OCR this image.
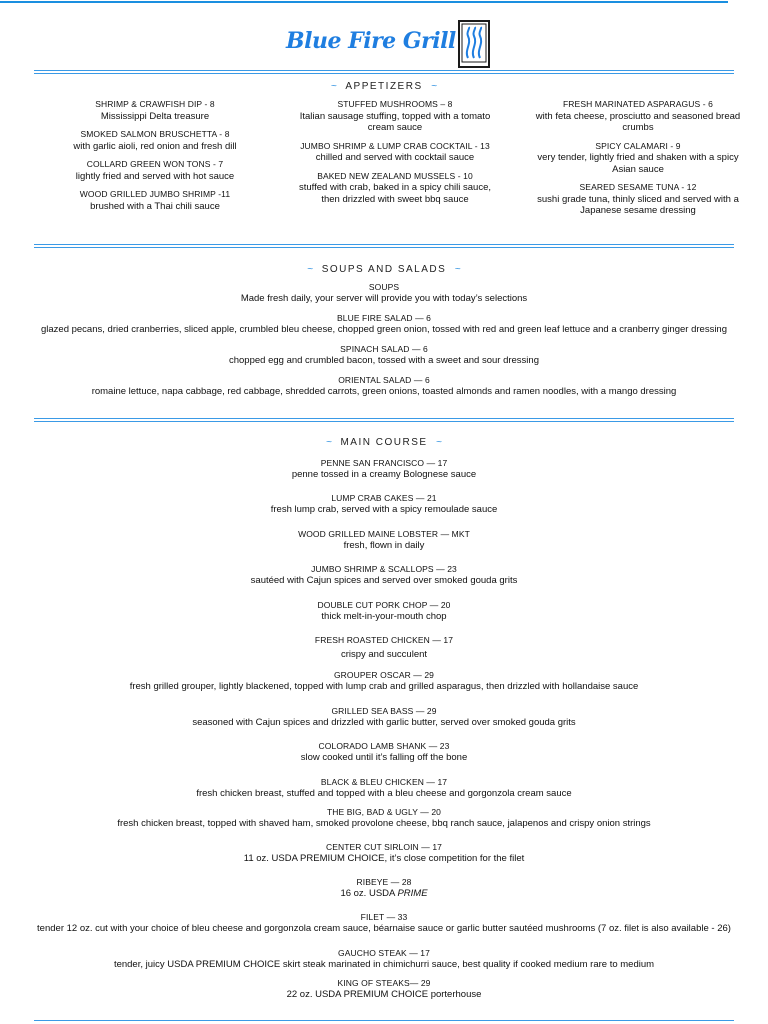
Blue Fire Grill
~ APPETIZERS ~
SHRIMP & CRAWFISH DIP - 8
Mississippi Delta treasure
SMOKED SALMON BRUSCHETTA - 8
with garlic aioli, red onion and fresh dill
COLLARD GREEN WON TONS - 7
lightly fried and served with hot sauce
WOOD GRILLED JUMBO SHRIMP -11
brushed with a Thai chili sauce
STUFFED MUSHROOMS – 8
Italian sausage stuffing, topped with a tomato cream sauce
JUMBO SHRIMP & LUMP CRAB COCKTAIL - 13
chilled and served with cocktail sauce
BAKED NEW ZEALAND MUSSELS - 10
stuffed with crab, baked in a spicy chili sauce, then drizzled with sweet bbq sauce
FRESH MARINATED ASPARAGUS - 6
with feta cheese, prosciutto and seasoned bread crumbs
SPICY CALAMARI - 9
very tender, lightly fried and shaken with a spicy Asian sauce
SEARED SESAME TUNA - 12
sushi grade tuna, thinly sliced and served with a Japanese sesame dressing
~ SOUPS AND SALADS ~
SOUPS
Made fresh daily, your server will provide you with today’s selections
BLUE FIRE SALAD — 6
glazed pecans, dried cranberries, sliced apple, crumbled bleu cheese, chopped green onion, tossed with red and green leaf lettuce and a cranberry ginger dressing
SPINACH SALAD — 6
chopped egg and crumbled bacon, tossed with a sweet and sour dressing
ORIENTAL SALAD — 6
romaine lettuce, napa cabbage, red cabbage, shredded carrots, green onions, toasted almonds and ramen noodles, with a mango dressing
~ MAIN COURSE ~
PENNE SAN FRANCISCO — 17
penne tossed in a creamy Bolognese sauce
LUMP CRAB CAKES — 21
fresh lump crab, served with a spicy remoulade sauce
WOOD GRILLED MAINE LOBSTER — MKT
fresh, flown in daily
JUMBO SHRIMP & SCALLOPS — 23
sautéed with Cajun spices and served over smoked gouda grits
DOUBLE CUT PORK CHOP — 20
thick melt-in-your-mouth chop
FRESH ROASTED CHICKEN — 17
crispy and succulent
GROUPER OSCAR — 29
fresh grilled grouper, lightly blackened, topped with lump crab and grilled asparagus, then drizzled with hollandaise sauce
GRILLED SEA BASS — 29
seasoned with Cajun spices and drizzled with garlic butter, served over smoked gouda grits
COLORADO LAMB SHANK — 23
slow cooked until it’s falling off the bone
BLACK & BLEU CHICKEN — 17
fresh chicken breast, stuffed and topped with a bleu cheese and gorgonzola cream sauce
THE BIG, BAD & UGLY — 20
fresh chicken breast, topped with shaved ham, smoked provolone cheese, bbq ranch sauce, jalapenos and crispy onion strings
CENTER CUT SIRLOIN — 17
11 oz. USDA PREMIUM CHOICE, it’s close competition for the filet
RIBEYE — 28
16 oz. USDA PRIME
FILET — 33
tender 12 oz. cut with your choice of bleu cheese and gorgonzola cream sauce, béarnaise sauce or garlic butter sautéed mushrooms (7 oz. filet is also available - 26)
GAUCHO STEAK — 17
tender, juicy USDA PREMIUM CHOICE skirt steak marinated in chimichurri sauce, best quality if cooked medium rare to medium
KING OF STEAKS— 29
22 oz. USDA PREMIUM CHOICE porterhouse
